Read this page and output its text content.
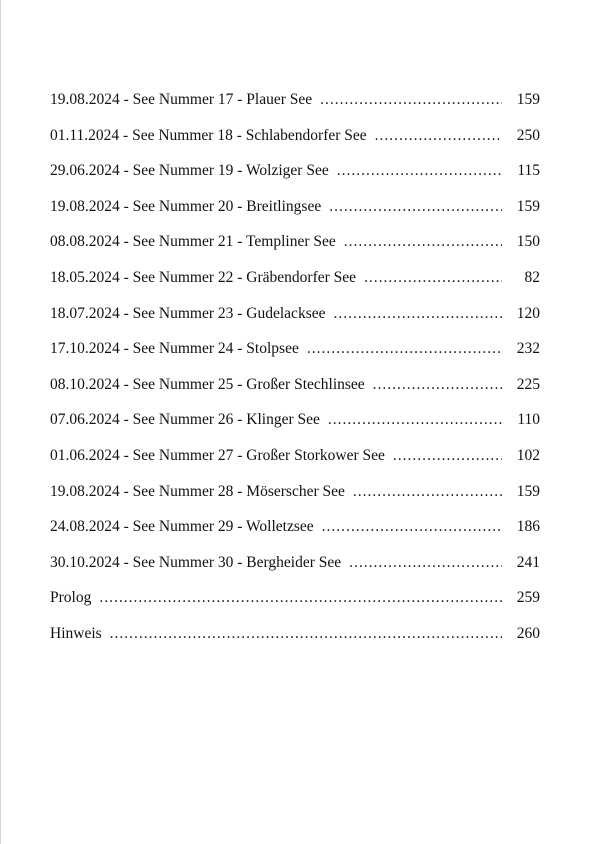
19.08.2024 - See Nummer 17 - Plauer See .....	159
01.11.2024 - See Nummer 18 - Schlabendorfer See .....	250
29.06.2024 - See Nummer 19 - Wolziger See .....	115
19.08.2024 - See Nummer 20 - Breitlingsee .....	159
08.08.2024 - See Nummer 21 - Templiner See .....	150
18.05.2024 - See Nummer 22 - Gräbendorfer See .....	82
18.07.2024 - See Nummer 23 - Gudelacksee .....	120
17.10.2024 - See Nummer 24 - Stolpsee .....	232
08.10.2024 - See Nummer 25 - Großer Stechlinsee .....	225
07.06.2024 - See Nummer 26 - Klinger See .....	110
01.06.2024 - See Nummer 27 - Großer Storkower See .....	102
19.08.2024 - See Nummer 28 - Möserscher See .....	159
24.08.2024 - See Nummer 29 - Wolletzsee .....	186
30.10.2024 - See Nummer 30 - Bergheider See .....	241
Prolog .....	259
Hinweis .....	260
